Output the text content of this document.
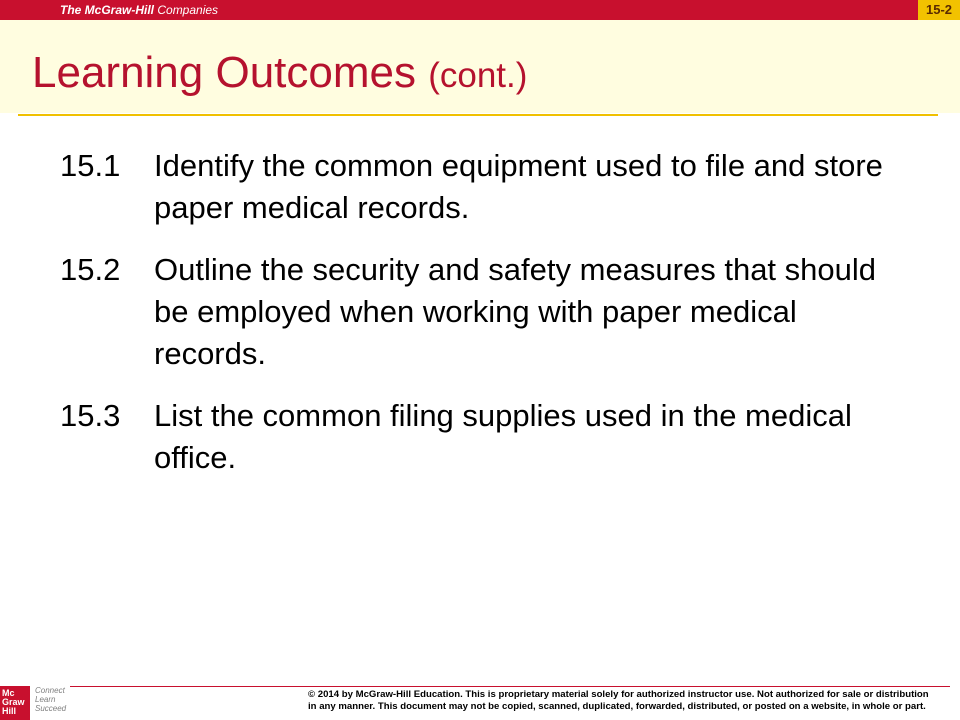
The McGraw-Hill Companies	15-2
Learning Outcomes (cont.)
15.1	Identify the common equipment used to file and store paper medical records.
15.2	Outline the security and safety measures that should be employed when working with paper medical records.
15.3	List the common filing supplies used in the medical office.
Mc
Graw
Hill
Connect
Learn
Succeed
© 2014 by McGraw-Hill Education. This is proprietary material solely for authorized instructor use. Not authorized for sale or distribution
in any manner. This document may not be copied, scanned, duplicated, forwarded, distributed, or posted on a website, in whole or part.
